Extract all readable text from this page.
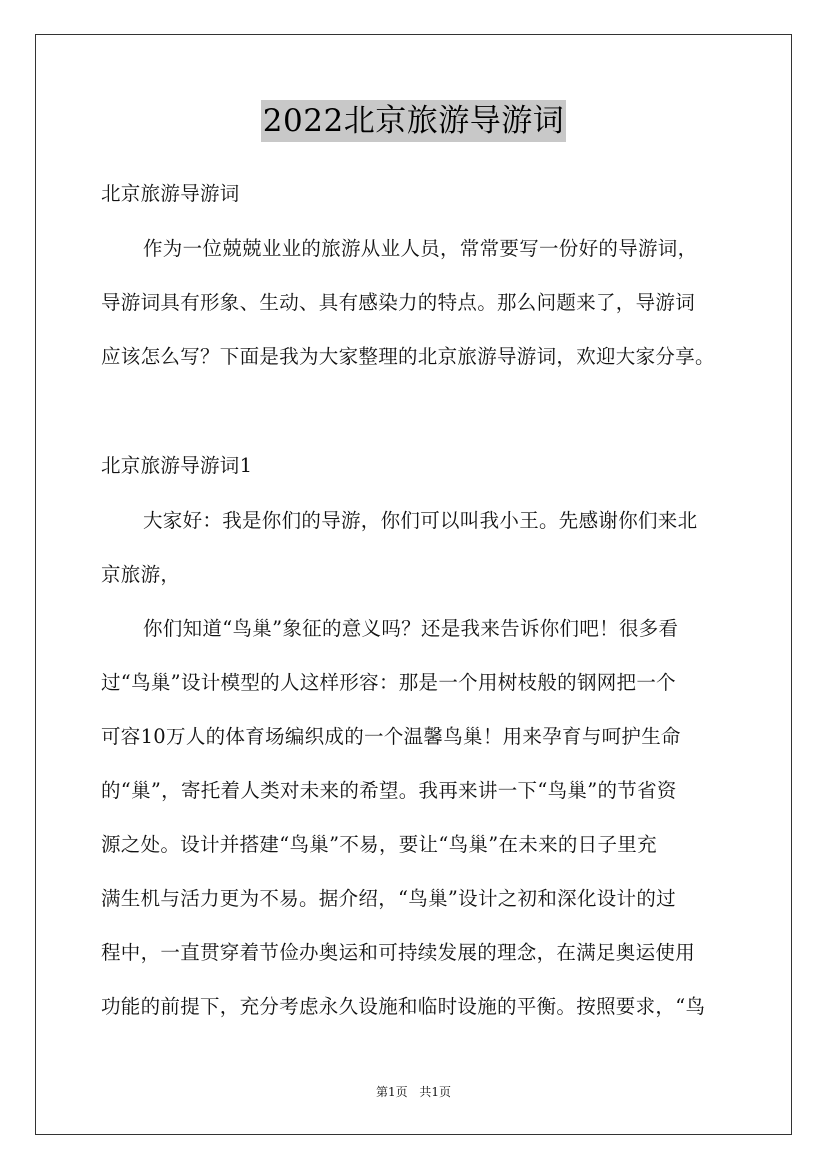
2022北京旅游导游词
北京旅游导游词
作为一位兢兢业业的旅游从业人员，常常要写一份好的导游词，
导游词具有形象、生动、具有感染力的特点。那么问题来了，导游词
应该怎么写？下面是我为大家整理的北京旅游导游词，欢迎大家分享。
北京旅游导游词1
大家好：我是你们的导游，你们可以叫我小王。先感谢你们来北
京旅游，
你们知道“鸟巢”象征的意义吗？还是我来告诉你们吧！很多看
过“鸟巢”设计模型的人这样形容：那是一个用树枝般的钢网把一个
可容10万人的体育场编织成的一个温馨鸟巢！用来孕育与呵护生命
的“巢”，寄托着人类对未来的希望。我再来讲一下“鸟巢”的节省资
源之处。设计并搭建“鸟巢”不易，要让“鸟巢”在未来的日子里充
满生机与活力更为不易。据介绍，“鸟巢”设计之初和深化设计的过
程中，一直贯穿着节俭办奥运和可持续发展的理念，在满足奥运使用
功能的前提下，充分考虑永久设施和临时设施的平衡。按照要求，“鸟
第1页 共1页
